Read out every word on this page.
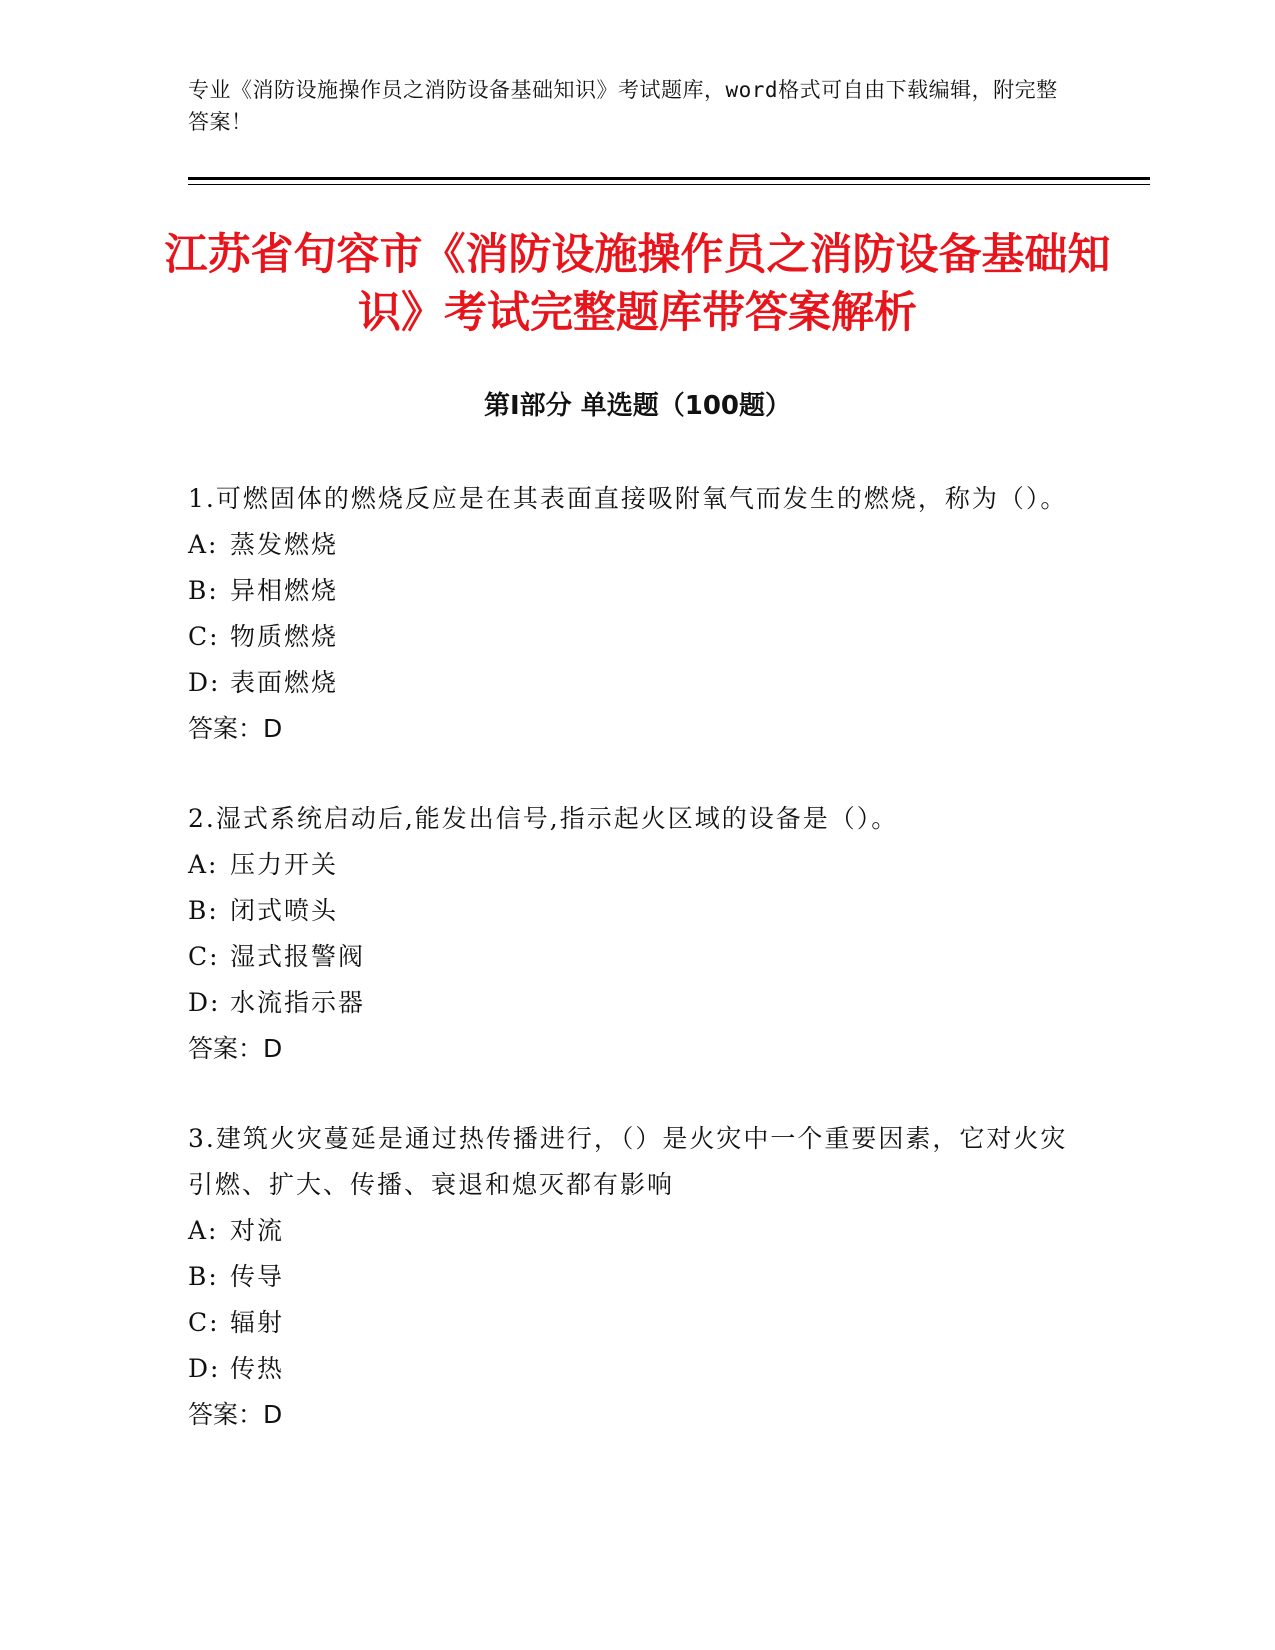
专业《消防设施操作员之消防设备基础知识》考试题库，word格式可自由下载编辑，附完整答案！
江苏省句容市《消防设施操作员之消防设备基础知识》考试完整题库带答案解析
第Ⅰ部分 单选题（100题）
1.可燃固体的燃烧反应是在其表面直接吸附氧气而发生的燃烧，称为（）。
A: 蒸发燃烧
B: 异相燃烧
C: 物质燃烧
D: 表面燃烧
答案：D
2.湿式系统启动后,能发出信号,指示起火区域的设备是（）。
A: 压力开关
B: 闭式喷头
C: 湿式报警阀
D: 水流指示器
答案：D
3.建筑火灾蔓延是通过热传播进行，（）是火灾中一个重要因素，它对火灾引燃、扩大、传播、衰退和熄灭都有影响
A: 对流
B: 传导
C: 辐射
D: 传热
答案：D
